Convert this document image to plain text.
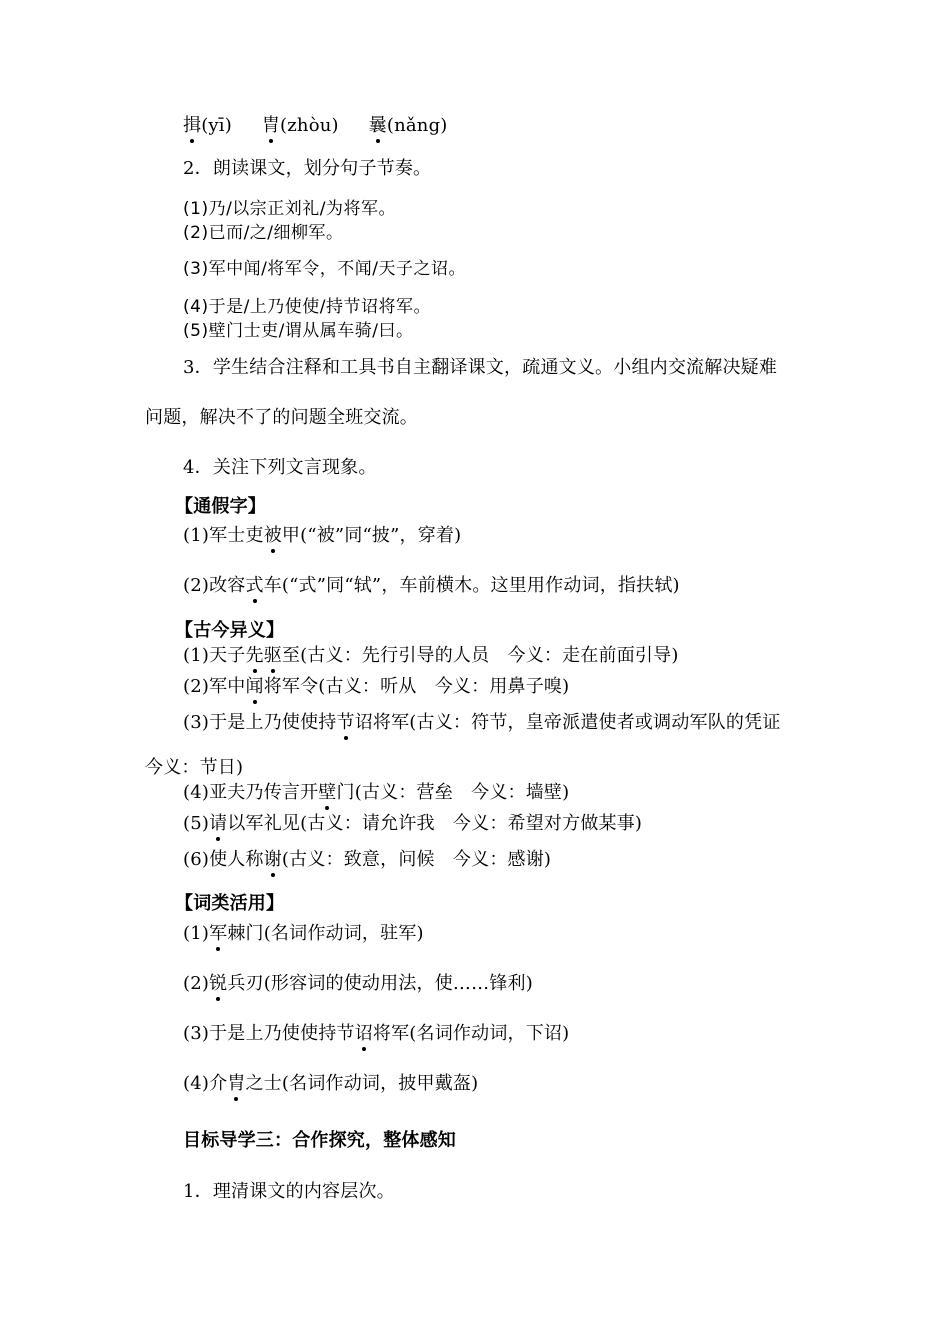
揖(yī) 胄(zhòu) 曩(nǎng)
2．朗读课文，划分句子节奏。
(1)乃/以宗正刘礼/为将军。
(2)已而/之/细柳军。
(3)军中闻/将军令，不闻/天子之诏。
(4)于是/上乃使使/持节诏将军。
(5)壁门士吏/谓从属车骑/曰。
3．学生结合注释和工具书自主翻译课文，疏通文义。小组内交流解决疑难
问题，解决不了的问题全班交流。
4．关注下列文言现象。
【通假字】
(1)军士吏被甲(“被”同“披”，穿着)
(2)改容式车(“式”同“轼”，车前横木。这里用作动词，指扶轼)
【古今异义】
(1)天子先驱至(古义：先行引导的人员　今义：走在前面引导)
(2)军中闻将军令(古义：听从　今义：用鼻子嗅)
(3)于是上乃使使持节诏将军(古义：符节，皇帝派遣使者或调动军队的凭证
今义：节日)
(4)亚夫乃传言开壁门(古义：营垒　今义：墙壁)
(5)请以军礼见(古义：请允许我　今义：希望对方做某事)
(6)使人称谢(古义：致意，问候　今义：感谢)
【词类活用】
(1)军棘门(名词作动词，驻军)
(2)锐兵刃(形容词的使动用法，使……锋利)
(3)于是上乃使使持节诏将军(名词作动词，下诏)
(4)介胄之士(名词作动词，披甲戴盔)
目标导学三：合作探究，整体感知
1．理清课文的内容层次。
